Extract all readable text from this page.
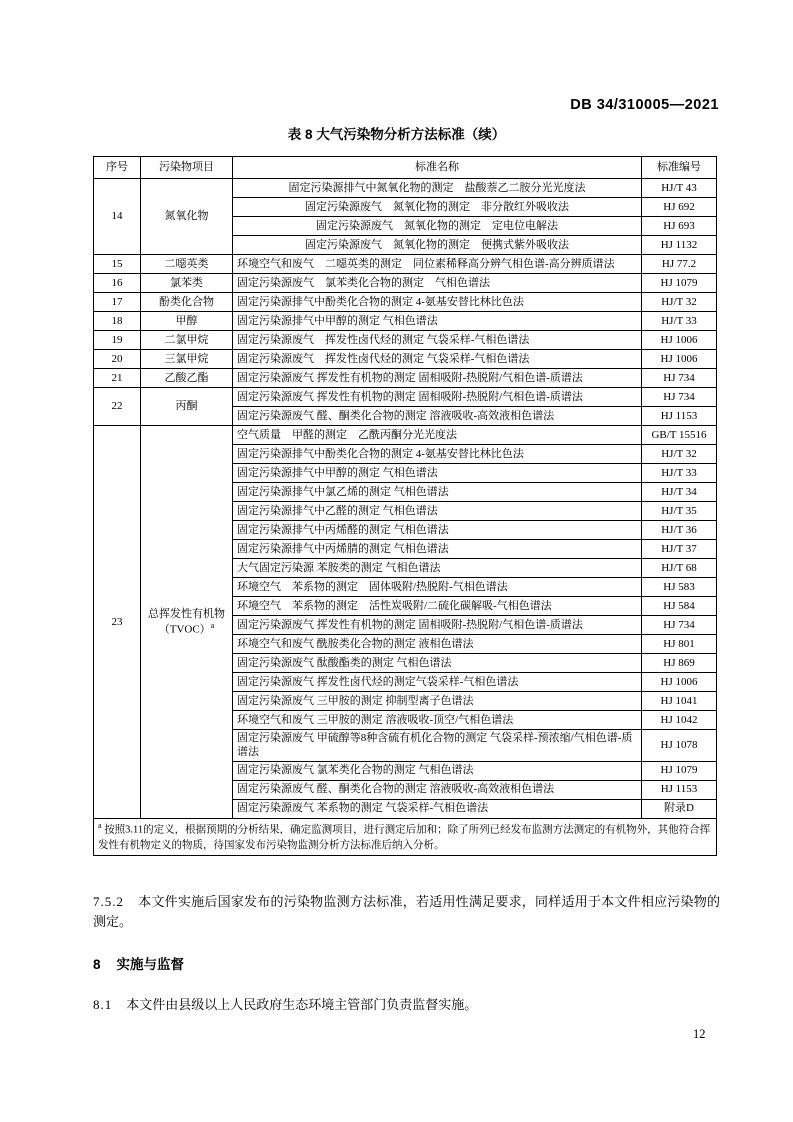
DB 34/310005—2021
表 8 大气污染物分析方法标准（续）
序号	污染物项目	标准名称	标准编号
14	氮氧化物	固定污染源排气中氮氧化物的测定　盐酸萘乙二胺分光光度法	HJ/T 43
		固定污染源废气　氮氧化物的测定　非分散红外吸收法	HJ 692
		固定污染源废气　氮氧化物的测定　定电位电解法	HJ 693
		固定污染源废气　氮氧化物的测定　便携式紫外吸收法	HJ 1132
15	二噁英类	环境空气和废气　二噁英类的测定　同位素稀释高分辨气相色谱-高分辨质谱法	HJ 77.2
16	氯苯类	固定污染源废气　氯苯类化合物的测定　气相色谱法	HJ 1079
17	酚类化合物	固定污染源排气中酚类化合物的测定 4-氨基安替比林比色法	HJ/T 32
18	甲醇	固定污染源排气中甲醇的测定 气相色谱法	HJ/T 33
19	二氯甲烷	固定污染源废气　挥发性卤代烃的测定 气袋采样-气相色谱法	HJ 1006
20	三氯甲烷	固定污染源废气　挥发性卤代烃的测定 气袋采样-气相色谱法	HJ 1006
21	乙酸乙酯	固定污染源废气 挥发性有机物的测定 固相吸附-热脱附/气相色谱-质谱法	HJ 734
22	丙酮	固定污染源废气 挥发性有机物的测定 固相吸附-热脱附/气相色谱-质谱法	HJ 734
		固定污染源废气 醛、酮类化合物的测定 溶液吸收-高效液相色谱法	HJ 1153
23	总挥发性有机物（TVOC）$^a$	空气质量　甲醛的测定　乙酰丙酮分光光度法	GB/T 15516
		固定污染源排气中酚类化合物的测定 4-氨基安替比林比色法	HJ/T 32
		固定污染源排气中甲醇的测定 气相色谱法	HJ/T 33
		固定污染源排气中氯乙烯的测定 气相色谱法	HJ/T 34
		固定污染源排气中乙醛的测定 气相色谱法	HJ/T 35
		固定污染源排气中丙烯醛的测定 气相色谱法	HJ/T 36
		固定污染源排气中丙烯腈的测定 气相色谱法	HJ/T 37
		大气固定污染源 苯胺类的测定 气相色谱法	HJ/T 68
		环境空气　苯系物的测定　固体吸附/热脱附-气相色谱法	HJ 583
		环境空气　苯系物的测定　活性炭吸附/二硫化碳解吸-气相色谱法	HJ 584
		固定污染源废气 挥发性有机物的测定 固相吸附-热脱附/气相色谱-质谱法	HJ 734
		环境空气和废气 酰胺类化合物的测定 液相色谱法	HJ 801
		固定污染源废气 酞酸酯类的测定 气相色谱法	HJ 869
		固定污染源废气 挥发性卤代烃的测定气袋采样-气相色谱法	HJ 1006
		固定污染源废气 三甲胺的测定 抑制型离子色谱法	HJ 1041
		环境空气和废气 三甲胺的测定 溶液吸收-顶空/气相色谱法	HJ 1042
		固定污染源废气 甲硫醇等8种含硫有机化合物的测定 气袋采样-预浓缩/气相色谱-质谱法	HJ 1078
		固定污染源废气 氯苯类化合物的测定 气相色谱法	HJ 1079
		固定污染源废气 醛、酮类化合物的测定 溶液吸收-高效液相色谱法	HJ 1153
		固定污染源废气 苯系物的测定 气袋采样-气相色谱法	附录D
$^a$ 按照3.11的定义，根据预期的分析结果，确定监测项目，进行测定后加和；除了所列已经发布监测方法测定的有机物外，其他符合挥发性有机物定义的物质，待国家发布污染物监测分析方法标准后纳入分析。			
7.5.2 本文件实施后国家发布的污染物监测方法标准，若适用性满足要求，同样适用于本文件相应污染物的测定。
8 实施与监督
8.1 本文件由县级以上人民政府生态环境主管部门负责监督实施。
12
